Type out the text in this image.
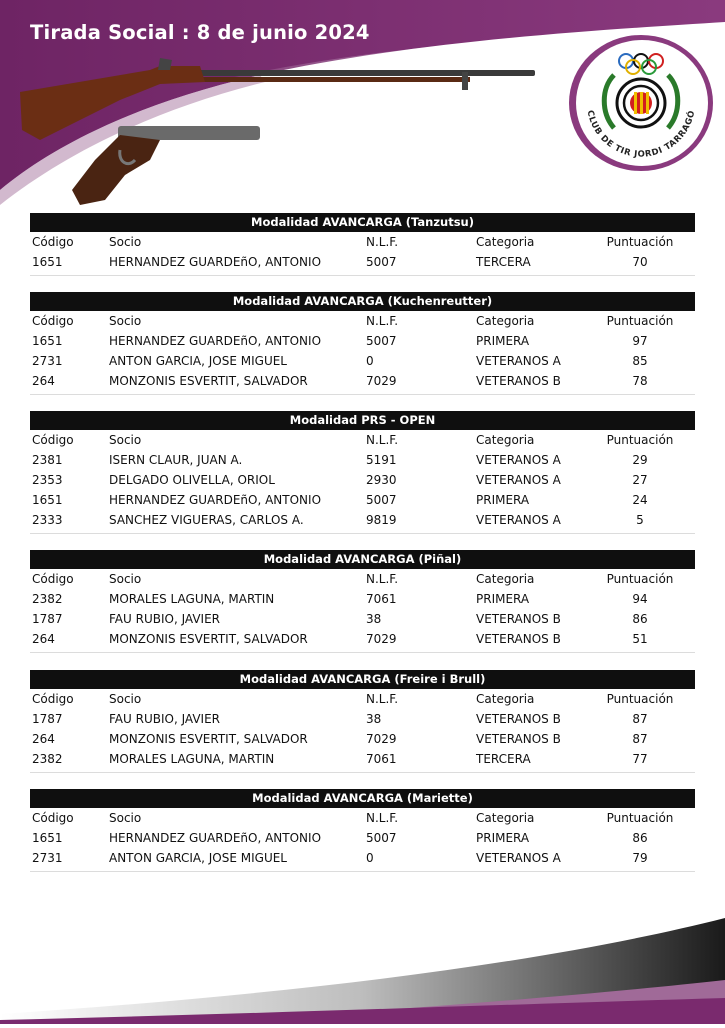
Tirada Social : 8 de junio 2024
CLUB DE TIR JORDI TARRAGÓ
Modalidad AVANCARGA (Tanzutsu)
Código	Socio	N.L.F.	Categoria	Puntuación
1651	HERNANDEZ GUARDEñO, ANTONIO	5007	TERCERA	70
Modalidad AVANCARGA (Kuchenreutter)
Código	Socio	N.L.F.	Categoria	Puntuación
1651	HERNANDEZ GUARDEñO, ANTONIO	5007	PRIMERA	97
2731	ANTON GARCIA, JOSE MIGUEL	0	VETERANOS A	85
264	MONZONIS ESVERTIT, SALVADOR	7029	VETERANOS B	78
Modalidad PRS - OPEN
Código	Socio	N.L.F.	Categoria	Puntuación
2381	ISERN CLAUR, JUAN A.	5191	VETERANOS A	29
2353	DELGADO OLIVELLA, ORIOL	2930	VETERANOS A	27
1651	HERNANDEZ GUARDEñO, ANTONIO	5007	PRIMERA	24
2333	SANCHEZ VIGUERAS, CARLOS A.	9819	VETERANOS A	5
Modalidad AVANCARGA (Piñal)
Código	Socio	N.L.F.	Categoria	Puntuación
2382	MORALES LAGUNA, MARTIN	7061	PRIMERA	94
1787	FAU RUBIO, JAVIER	38	VETERANOS B	86
264	MONZONIS ESVERTIT, SALVADOR	7029	VETERANOS B	51
Modalidad AVANCARGA (Freire i Brull)
Código	Socio	N.L.F.	Categoria	Puntuación
1787	FAU RUBIO, JAVIER	38	VETERANOS B	87
264	MONZONIS ESVERTIT, SALVADOR	7029	VETERANOS B	87
2382	MORALES LAGUNA, MARTIN	7061	TERCERA	77
Modalidad AVANCARGA (Mariette)
Código	Socio	N.L.F.	Categoria	Puntuación
1651	HERNANDEZ GUARDEñO, ANTONIO	5007	PRIMERA	86
2731	ANTON GARCIA, JOSE MIGUEL	0	VETERANOS A	79
